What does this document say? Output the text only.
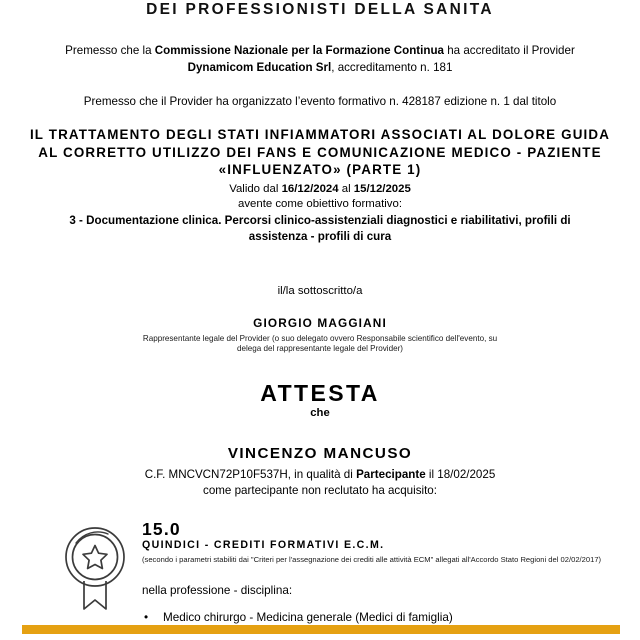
DEI PROFESSIONISTI DELLA SANITA
Premesso che la Commissione Nazionale per la Formazione Continua ha accreditato il Provider
Dynamicom Education Srl, accreditamento n. 181
Premesso che il Provider ha organizzato l’evento formativo n. 428187 edizione n. 1 dal titolo
IL TRATTAMENTO DEGLI STATI INFIAMMATORI ASSOCIATI AL DOLORE GUIDA AL CORRETTO UTILIZZO DEI FANS E COMUNICAZIONE MEDICO - PAZIENTE «INFLUENZATO» (PARTE 1)
Valido dal 16/12/2024 al 15/12/2025
avente come obiettivo formativo:
3 - Documentazione clinica. Percorsi clinico-assistenziali diagnostici e riabilitativi, profili di assistenza - profili di cura
il/la sottoscritto/a
GIORGIO MAGGIANI
Rappresentante legale del Provider (o suo delegato ovvero Responsabile scientifico dell'evento, su delega del rappresentante legale del Provider)
ATTESTA
che
VINCENZO MANCUSO
C.F. MNCVCN72P10F537H, in qualità di Partecipante il 18/02/2025
come partecipante non reclutato ha acquisito:
15.0
QUINDICI - CREDITI FORMATIVI E.C.M.
(secondo i parametri stabiliti dai "Criteri per l'assegnazione dei crediti alle attività ECM" allegati all'Accordo Stato Regioni del 02/02/2017)
nella professione - disciplina:
• Medico chirurgo - Medicina generale (Medici di famiglia)
